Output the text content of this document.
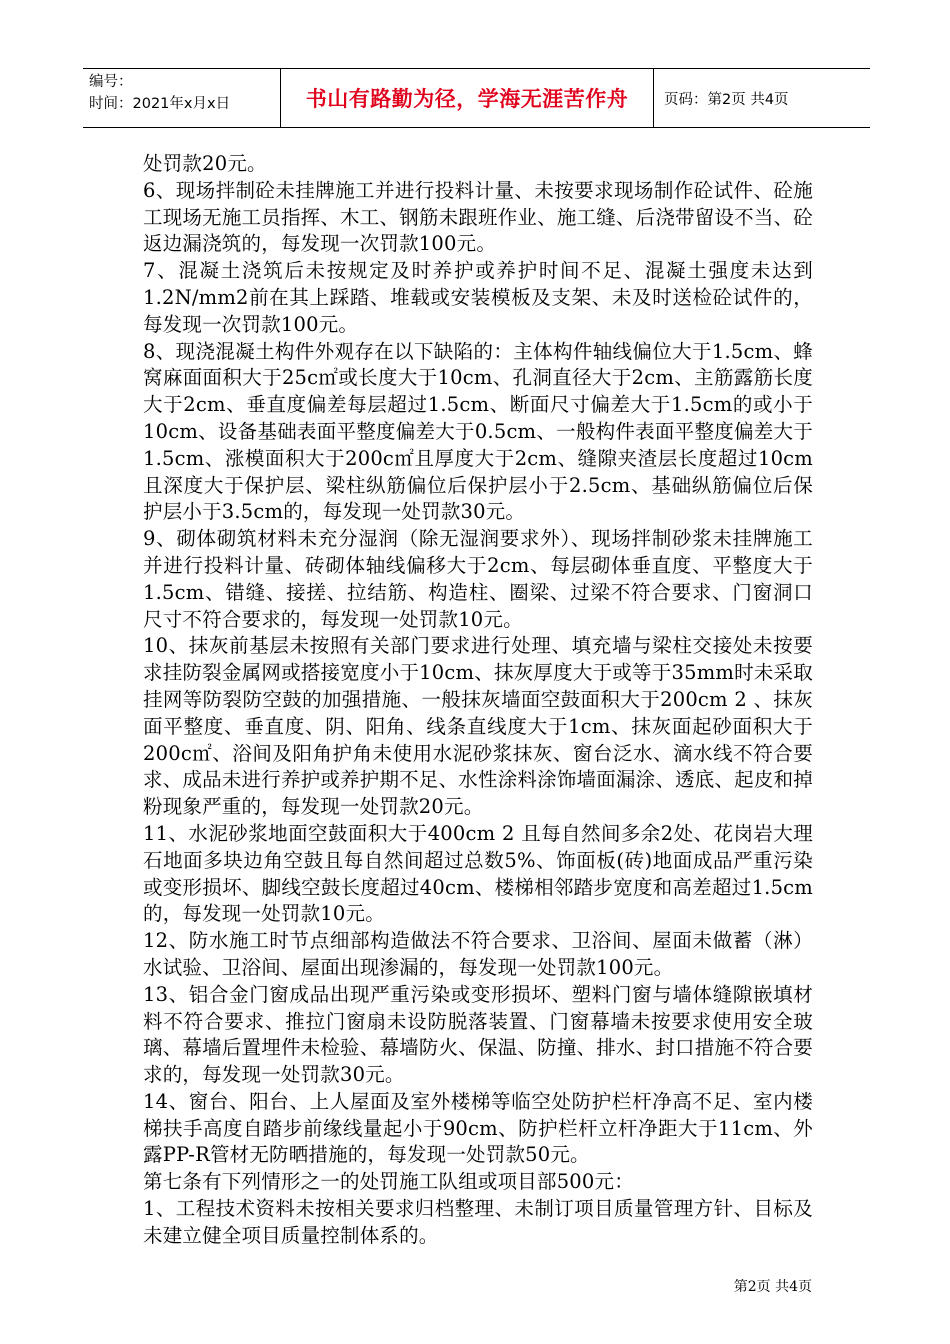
编号：
时间：2021年x月x日	书山有路勤为径，学海无涯苦作舟	页码：第2页 共4页

处罚款20元。

6、现场拌制砼未挂牌施工并进行投料计量、未按要求现场制作砼试件、砼施工现场无施工员指挥、木工、钢筋未跟班作业、施工缝、后浇带留设不当、砼返边漏浇筑的，每发现一次罚款100元。

7、混凝土浇筑后未按规定及时养护或养护时间不足、混凝土强度未达到1.2N/mm2前在其上踩踏、堆载或安装模板及支架、未及时送检砼试件的，每发现一次罚款100元。

8、现浇混凝土构件外观存在以下缺陷的：主体构件轴线偏位大于1.5cm、蜂窝麻面面积大于25c㎡或长度大于10cm、孔洞直径大于2cm、主筋露筋长度大于2cm、垂直度偏差每层超过1.5cm、断面尺寸偏差大于1.5cm的或小于10cm、设备基础表面平整度偏差大于0.5cm、一般构件表面平整度偏差大于1.5cm、涨模面积大于200c㎡且厚度大于2cm、缝隙夹渣层长度超过10cm且深度大于保护层、梁柱纵筋偏位后保护层小于2.5cm、基础纵筋偏位后保护层小于3.5cm的，每发现一处罚款30元。

9、砌体砌筑材料未充分湿润（除无湿润要求外）、现场拌制砂浆未挂牌施工并进行投料计量、砖砌体轴线偏移大于2cm、每层砌体垂直度、平整度大于1.5cm、错缝、接搓、拉结筋、构造柱、圈梁、过梁不符合要求、门窗洞口尺寸不符合要求的，每发现一处罚款10元。

10、抹灰前基层未按照有关部门要求进行处理、填充墙与梁柱交接处未按要求挂防裂金属网或搭接宽度小于10cm、抹灰厚度大于或等于35mm时未采取挂网等防裂防空鼓的加强措施、一般抹灰墙面空鼓面积大于200cm 2 、抹灰面平整度、垂直度、阴、阳角、线条直线度大于1cm、抹灰面起砂面积大于200c㎡、浴间及阳角护角未使用水泥砂浆抹灰、窗台泛水、滴水线不符合要求、成品未进行养护或养护期不足、水性涂料涂饰墙面漏涂、透底、起皮和掉粉现象严重的，每发现一处罚款20元。

11、水泥砂浆地面空鼓面积大于400cm 2 且每自然间多余2处、花岗岩大理石地面多块边角空鼓且每自然间超过总数5%、饰面板(砖)地面成品严重污染或变形损坏、脚线空鼓长度超过40cm、楼梯相邻踏步宽度和高差超过1.5cm的，每发现一处罚款10元。

12、防水施工时节点细部构造做法不符合要求、卫浴间、屋面未做蓄（淋）水试验、卫浴间、屋面出现渗漏的，每发现一处罚款100元。

13、铝合金门窗成品出现严重污染或变形损坏、塑料门窗与墙体缝隙嵌填材料不符合要求、推拉门窗扇未设防脱落装置、门窗幕墙未按要求使用安全玻璃、幕墙后置埋件未检验、幕墙防火、保温、防撞、排水、封口措施不符合要求的，每发现一处罚款30元。

14、窗台、阳台、上人屋面及室外楼梯等临空处防护栏杆净高不足、室内楼梯扶手高度自踏步前缘线量起小于90cm、防护栏杆立杆净距大于11cm、外露PP-R管材无防晒措施的，每发现一处罚款50元。

第七条有下列情形之一的处罚施工队组或项目部500元：

1、工程技术资料未按相关要求归档整理、未制订项目质量管理方针、目标及未建立健全项目质量控制体系的。

第2页 共4页
